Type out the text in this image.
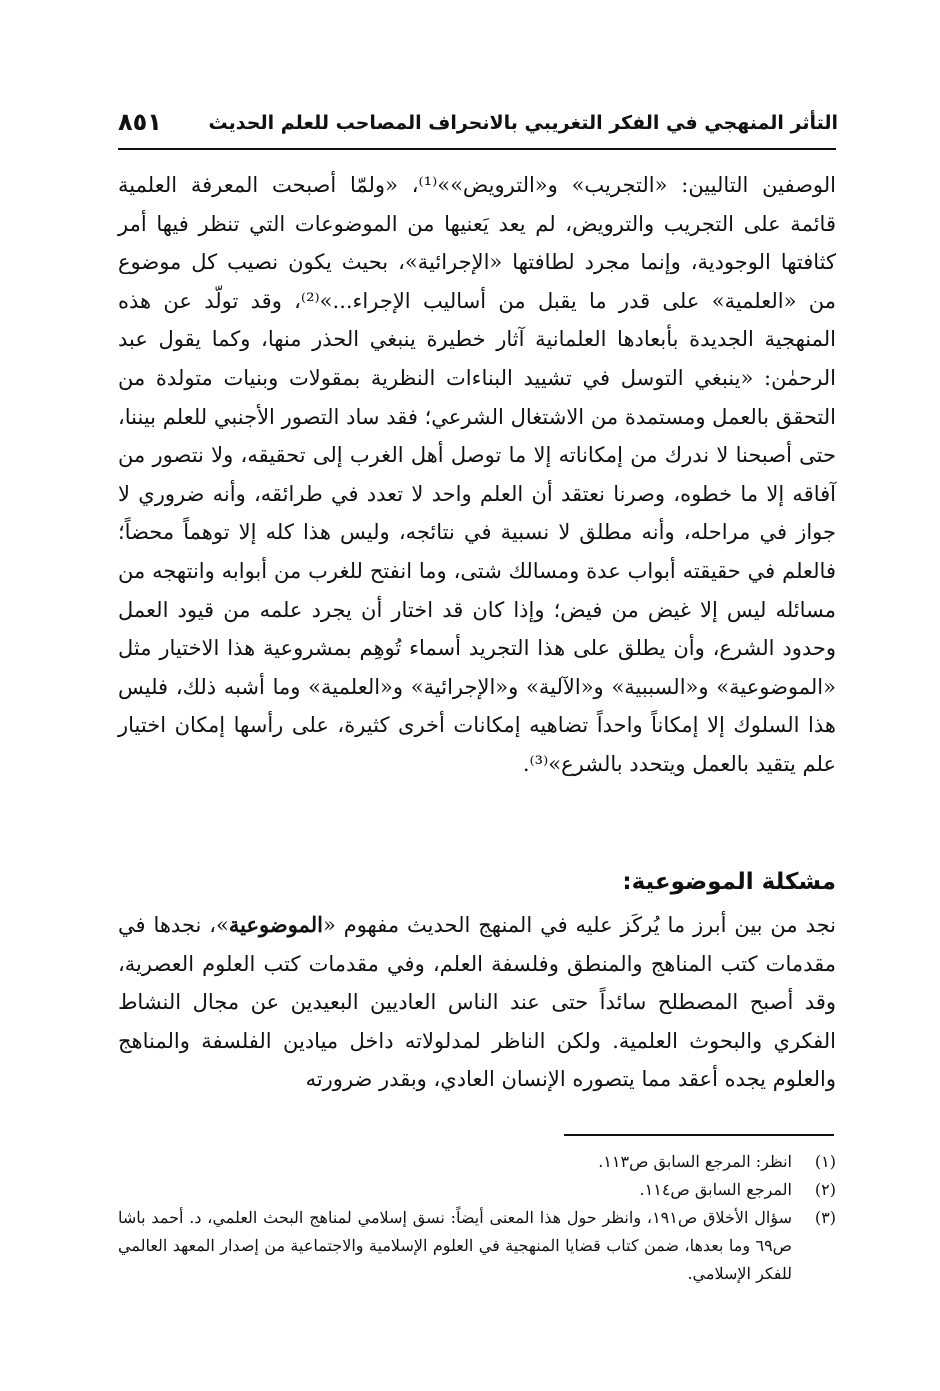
التأثر المنهجي في الفكر التغريبي بالانحراف المصاحب للعلم الحديث
٨٥١

الوصفين التاليين: «التجريب» و«الترويض»»⁽¹⁾، «ولمّا أصبحت المعرفة العلمية قائمة على التجريب والترويض، لم يعد يَعنيها من الموضوعات التي تنظر فيها أمر كثافتها الوجودية، وإنما مجرد لطافتها «الإجرائية»، بحيث يكون نصيب كل موضوع من «العلمية» على قدر ما يقبل من أساليب الإجراء...»⁽²⁾، وقد تولّد عن هذه المنهجية الجديدة بأبعادها العلمانية آثار خطيرة ينبغي الحذر منها، وكما يقول عبد الرحمٰن: «ينبغي التوسل في تشييد البناءات النظرية بمقولات وبنيات متولدة من التحقق بالعمل ومستمدة من الاشتغال الشرعي؛ فقد ساد التصور الأجنبي للعلم بيننا، حتى أصبحنا لا ندرك من إمكاناته إلا ما توصل أهل الغرب إلى تحقيقه، ولا نتصور من آفاقه إلا ما خطوه، وصرنا نعتقد أن العلم واحد لا تعدد في طرائقه، وأنه ضروري لا جواز في مراحله، وأنه مطلق لا نسبية في نتائجه، وليس هذا كله إلا توهماً محضاً؛ فالعلم في حقيقته أبواب عدة ومسالك شتى، وما انفتح للغرب من أبوابه وانتهجه من مسائله ليس إلا غيض من فيض؛ وإذا كان قد اختار أن يجرد علمه من قيود العمل وحدود الشرع، وأن يطلق على هذا التجريد أسماء تُوهِم بمشروعية هذا الاختيار مثل «الموضوعية» و«السببية» و«الآلية» و«الإجرائية» و«العلمية» وما أشبه ذلك، فليس هذا السلوك إلا إمكاناً واحداً تضاهيه إمكانات أخرى كثيرة، على رأسها إمكان اختيار علم يتقيد بالعمل ويتحدد بالشرع»⁽³⁾.

مشكلة الموضوعية:

نجد من بين أبرز ما يُركَز عليه في المنهج الحديث مفهوم «الموضوعية»، نجدها في مقدمات كتب المناهج والمنطق وفلسفة العلم، وفي مقدمات كتب العلوم العصرية، وقد أصبح المصطلح سائداً حتى عند الناس العاديين البعيدين عن مجال النشاط الفكري والبحوث العلمية. ولكن الناظر لمدلولاته داخل ميادين الفلسفة والمناهج والعلوم يجده أعقد مما يتصوره الإنسان العادي، وبقدر ضرورته

(١)
انظر: المرجع السابق ص١١٣.
(٢)
المرجع السابق ص١١٤.
(٣)
سؤال الأخلاق ص١٩١، وانظر حول هذا المعنى أيضاً: نسق إسلامي لمناهج البحث العلمي، د. أحمد باشا ص٦٩ وما بعدها، ضمن كتاب قضايا المنهجية في العلوم الإسلامية والاجتماعية من إصدار المعهد العالمي للفكر الإسلامي.
